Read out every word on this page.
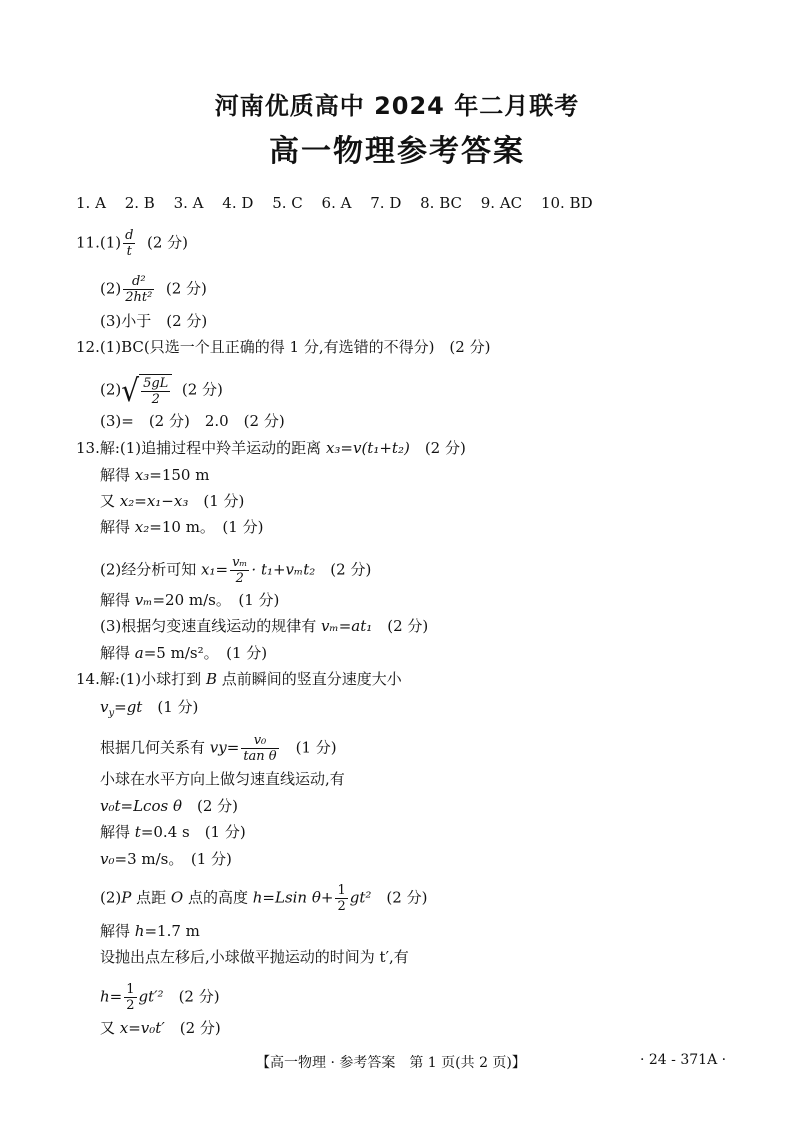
河南优质高中 2024 年二月联考
高一物理参考答案
1. A 2. B 3. A 4. D 5. C 6. A 7. D 8. BC 9. AC 10. BD
$11.(1) \frac{d}{t} (2$ 分)
$(2) \frac{\text{d²}}{\text{2ht²}} (2$ 分)
(3)小于　(2 分)
12.(1)BC(只选一个且正确的得 1 分,有选错的不得分)　(2 分)
$(2)√ \frac{5gL}{2} (2$ 分)
(3)=　(2 分)　2.0　(2 分)
13.解:(1)追捕过程中羚羊运动的距离 x₃=v(t₁+t₂)　(2 分)
解得 x₃=150 m
又 x₂=x₁−x₃　(1 分)
解得 x₂=10 m。　(1 分)
(2)经分析可知 $x_1= \frac{\text{vₘ}}{2} \cdot t_1+v_mt_2$　(2 分)
解得 vₘ=20 m/s。　(1 分)
(3)根据匀变速直线运动的规律有 vₘ=at₁　(2 分)
解得 a=5 m/s²。　(1 分)
14.解:(1)小球打到 B 点前瞬间的竖直分速度大小
$v_y=gt$　(1 分)
根据几何关系有 $vy= \frac{\text{v₀}}{\text{tan θ}}$ 　(1 分)
小球在水平方向上做匀速直线运动,有
v₀t=Lcos θ　(2 分)
解得 t=0.4 s　(1 分)
v₀=3 m/s。　(1 分)
(2)P 点距 O 点的高度 h=Lsin $\theta+ \frac{1}{2} gt^2$　(2 分)
解得 h=1.7 m
设抛出点左移后,小球做平抛运动的时间为 t′,有
$h= \frac{1}{2} gt'^2$　(2 分)
又 x=v₀t′　(2 分)
【高一物理 · 参考答案　第 1 页(共 2 页)】	· 24 - 371A ·
